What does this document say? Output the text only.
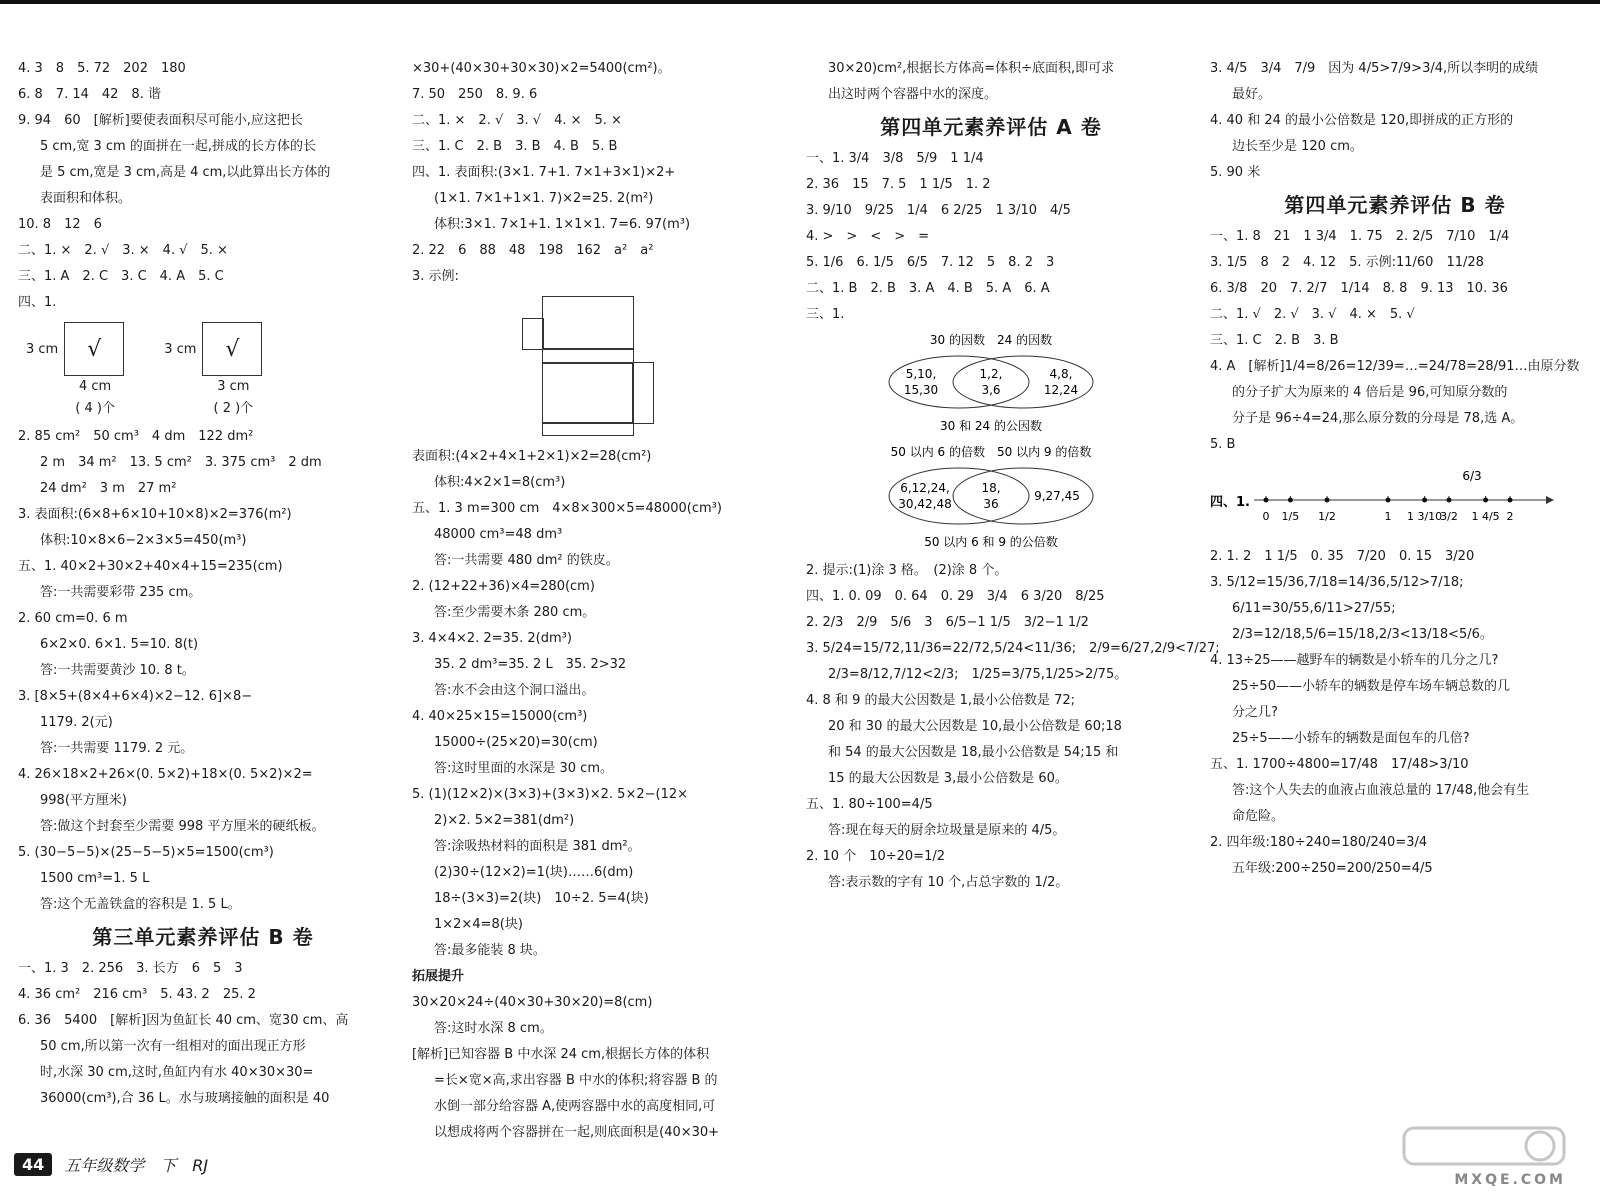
4. 3　8　5. 72　202　180
6. 8　7. 14　42　8. 谐
9. 94　60　[解析]要使表面积尽可能小,应这把长
5 cm,宽 3 cm 的面拼在一起,拼成的长方体的长
是 5 cm,宽是 3 cm,高是 4 cm,以此算出长方体的
表面积和体积。
10. 8　12　6
二、1. ×　2. √　3. ×　4. √　5. ×
三、1. A　2. C　3. C　4. A　5. C
四、1.
3 cm √
4 cm
( 4 )个
3 cm √
3 cm
( 2 )个
2. 85 cm²　50 cm³　4 dm　122 dm²
2 m　34 m²　13. 5 cm²　3. 375 cm³　2 dm
24 dm²　3 m　27 m²
3. 表面积:(6×8+6×10+10×8)×2=376(m²)
体积:10×8×6−2×3×5=450(m³)
五、1. 40×2+30×2+40×4+15=235(cm)
答:一共需要彩带 235 cm。
2. 60 cm=0. 6 m
6×2×0. 6×1. 5=10. 8(t)
答:一共需要黄沙 10. 8 t。
3. [8×5+(8×4+6×4)×2−12. 6]×8−
1179. 2(元)
答:一共需要 1179. 2 元。
4. 26×18×2+26×(0. 5×2)+18×(0. 5×2)×2=
998(平方厘米)
答:做这个封套至少需要 998 平方厘米的硬纸板。
5. (30−5−5)×(25−5−5)×5=1500(cm³)
1500 cm³=1. 5 L
答:这个无盖铁盒的容积是 1. 5 L。
第三单元素养评估 B 卷
一、1. 3　2. 256　3. 长方　6　5　3
4. 36 cm²　216 cm³　5. 43. 2　25. 2
6. 36　5400　[解析]因为鱼缸长 40 cm、宽30 cm、高
50 cm,所以第一次有一组相对的面出现正方形
时,水深 30 cm,这时,鱼缸内有水 40×30×30=
36000(cm³),合 36 L。水与玻璃接触的面积是 40
×30+(40×30+30×30)×2=5400(cm²)。
7. 50　250　8. 9. 6
二、1. ×　2. √　3. √　4. ×　5. ×
三、1. C　2. B　3. B　4. B　5. B
四、1. 表面积:(3×1. 7+1. 7×1+3×1)×2+
(1×1. 7×1+1×1. 7)×2=25. 2(m²)
体积:3×1. 7×1+1. 1×1×1. 7=6. 97(m³)
2. 22　6　88　48　198　162　a²　a²
3. 示例:
表面积:(4×2+4×1+2×1)×2=28(cm²)
体积:4×2×1=8(cm³)
五、1. 3 m=300 cm　4×8×300×5=48000(cm³)
48000 cm³=48 dm³
答:一共需要 480 dm² 的铁皮。
2. (12+22+36)×4=280(cm)
答:至少需要木条 280 cm。
3. 4×4×2. 2=35. 2(dm³)
35. 2 dm³=35. 2 L　35. 2>32
答:水不会由这个洞口溢出。
4. 40×25×15=15000(cm³)
15000÷(25×20)=30(cm)
答:这时里面的水深是 30 cm。
5. (1)(12×2)×(3×3)+(3×3)×2. 5×2−(12×
2)×2. 5×2=381(dm²)
答:涂吸热材料的面积是 381 dm²。
(2)30÷(12×2)=1(块)……6(dm)
18÷(3×3)=2(块)　10÷2. 5=4(块)
1×2×4=8(块)
答:最多能装 8 块。
拓展提升
30×20×24÷(40×30+30×20)=8(cm)
答:这时水深 8 cm。
[解析]已知容器 B 中水深 24 cm,根据长方体的体积
=长×宽×高,求出容器 B 中水的体积;将容器 B 的
水倒一部分给容器 A,使两容器中水的高度相同,可
以想成将两个容器拼在一起,则底面积是(40×30+
30×20)cm²,根据长方体高=体积÷底面积,即可求
出这时两个容器中水的深度。
第四单元素养评估 A 卷
一、1. 3/4　3/8　5/9　1 1/4
2. 36　15　7. 5　1 1/5　1. 2
3. 9/10　9/25　1/4　6 2/25　1 3/10　4/5
4. >　>　<　>　=
5. 1/6　6. 1/5　6/5　7. 12　5　8. 2　3
二、1. B　2. B　3. A　4. B　5. A　6. A
三、1.
30 的因数　24 的因数
5,10,
15,30
1,2,
3,6
4,8,
12,24
30 和 24 的公因数
50 以内 6 的倍数　50 以内 9 的倍数
6,12,24,
30,42,48
18,
36
9,27,45
50 以内 6 和 9 的公倍数
2. 提示:(1)涂 3 格。　(2)涂 8 个。
四、1. 0. 09　0. 64　0. 29　3/4　6 3/20　8/25
2. 2/3　2/9　5/6　3　6/5−1 1/5　3/2−1 1/2
3. 5/24=15/72,11/36=22/72,5/24<11/36;　2/9=6/27,2/9<7/27;
2/3=8/12,7/12<2/3;　1/25=3/75,1/25>2/75。
4. 8 和 9 的最大公因数是 1,最小公倍数是 72;
20 和 30 的最大公因数是 10,最小公倍数是 60;18
和 54 的最大公因数是 18,最小公倍数是 54;15 和
15 的最大公因数是 3,最小公倍数是 60。
五、1. 80÷100=4/5
答:现在每天的厨余垃圾量是原来的 4/5。
2. 10 个　10÷20=1/2
答:表示数的字有 10 个,占总字数的 1/2。
3. 4/5　3/4　7/9　因为 4/5>7/9>3/4,所以李明的成绩
最好。
4. 40 和 24 的最小公倍数是 120,即拼成的正方形的
边长至少是 120 cm。
5. 90 米
第四单元素养评估 B 卷
一、1. 8　21　1 3/4　1. 75　2. 2/5　7/10　1/4
3. 1/5　8　2　4. 12　5. 示例:11/60　11/28
6. 3/8　20　7. 2/7　1/14　8. 8　9. 13　10. 36
二、1. √　2. √　3. √　4. ×　5. √
三、1. C　2. B　3. B
4. A　[解析]1/4=8/26=12/39=…=24/78=28/91…由原分数
的分子扩大为原来的 4 倍后是 96,可知原分数的
分子是 96÷4=24,那么原分数的分母是 78,选 A。
5. B
四、1.
6/3
0 1/5 1/2	1 1 3/10
3/2 1 4/5 2
2. 1. 2　1 1/5　0. 35　7/20　0. 15　3/20
3. 5/12=15/36,7/18=14/36,5/12>7/18;
6/11=30/55,6/11>27/55;
2/3=12/18,5/6=15/18,2/3<13/18<5/6。
4. 13÷25——越野车的辆数是小轿车的几分之几?
25÷50——小轿车的辆数是停车场车辆总数的几
分之几?
25÷5——小轿车的辆数是面包车的几倍?
五、1. 1700÷4800=17/48　17/48>3/10
答:这个人失去的血液占血液总量的 17/48,他会有生
命危险。
2. 四年级:180÷240=180/240=3/4
五年级:200÷250=200/250=4/5
44	五年级数学　下　RJ
MXQE.COM
